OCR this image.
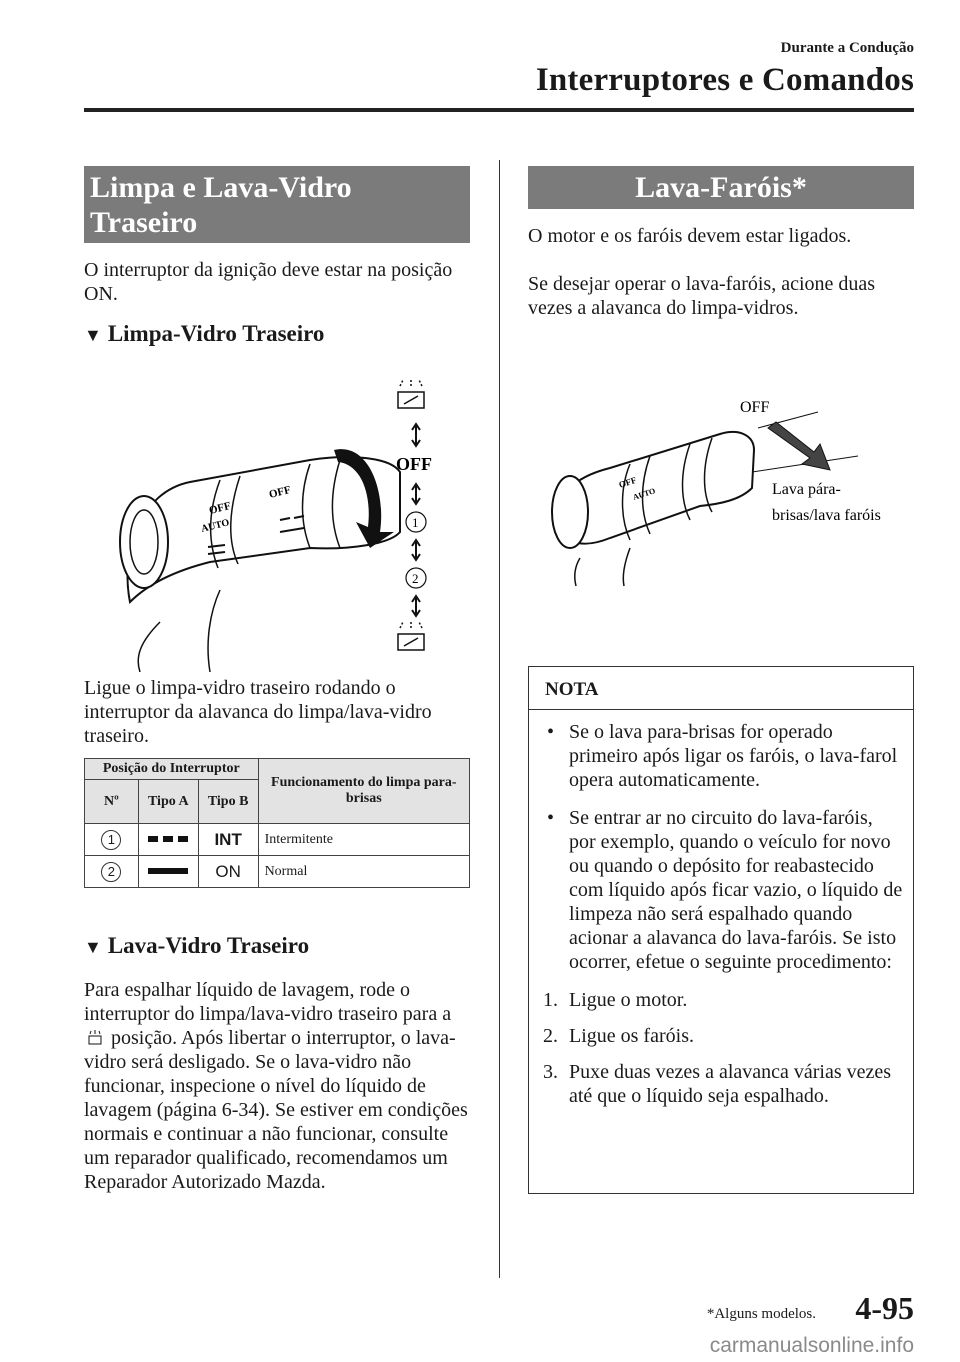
Durante a Condução
Interruptores e Comandos
Limpa e Lava-Vidro
Traseiro
O interruptor da ignição deve estar na posição ON.
▼ Limpa-Vidro Traseiro
OFF
AUTO
OFF
OFF
1
2
Ligue o limpa-vidro traseiro rodando o interruptor da alavanca do limpa/lava-vidro traseiro.
Posição do Interruptor			Funcionamento do limpa para-brisas
Nº	Tipo A	Tipo B	
1		INT	Intermitente
2		ON	Normal
▼ Lava-Vidro Traseiro
Para espalhar líquido de lavagem, rode o interruptor do limpa/lava-vidro traseiro para a  posição. Após libertar o interruptor, o lava-vidro será desligado. Se o lava-vidro não funcionar, inspecione o nível do líquido de lavagem (página 6-34). Se estiver em condições normais e continuar a não funcionar, consulte um reparador qualificado, recomendamos um Reparador Autorizado Mazda.
Lava-Faróis*
O motor e os faróis devem estar ligados.
Se desejar operar o lava-faróis, acione duas vezes a alavanca do limpa-vidros.
OFF
OFF
AUTO	Lava pára-
brisas/lava faróis
NOTA
• Se o lava para-brisas for operado primeiro após ligar os faróis, o lava-farol opera automaticamente.
• Se entrar ar no circuito do lava-faróis, por exemplo, quando o veículo for novo ou quando o depósito for reabastecido com líquido após ficar vazio, o líquido de limpeza não será espalhado quando acionar a alavanca do lava-faróis. Se isto ocorrer, efetue o seguinte procedimento:
1. Ligue o motor.
2. Ligue os faróis.
3. Puxe duas vezes a alavanca várias vezes até que o líquido seja espalhado.
*Alguns modelos. 4-95
carmanualsonline.info
